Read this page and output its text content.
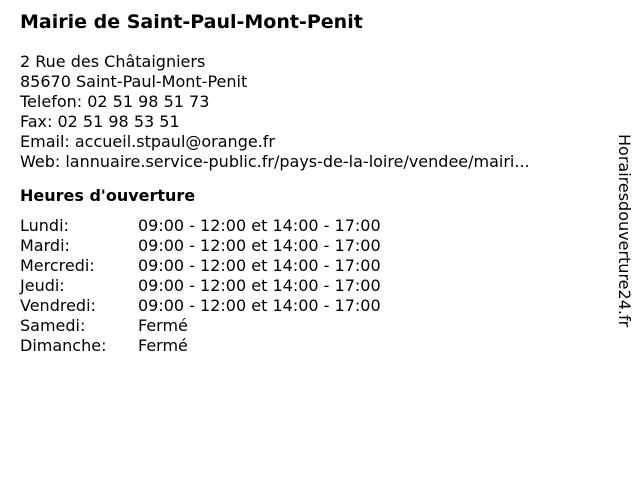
Mairie de Saint-Paul-Mont-Penit
2 Rue des Châtaigniers
85670 Saint-Paul-Mont-Penit
Telefon: 02 51 98 51 73
Fax: 02 51 98 53 51
Email: accueil.stpaul@orange.fr
Web: lannuaire.service-public.fr/pays-de-la-loire/vendee/mairi...
Heures d'ouverture
Lundi:	09:00 - 12:00 et 14:00 - 17:00
Mardi:	09:00 - 12:00 et 14:00 - 17:00
Mercredi:	09:00 - 12:00 et 14:00 - 17:00
Jeudi:	09:00 - 12:00 et 14:00 - 17:00
Vendredi:	09:00 - 12:00 et 14:00 - 17:00
Samedi:	Fermé
Dimanche:	Fermé
Horairesdouverture24.fr
